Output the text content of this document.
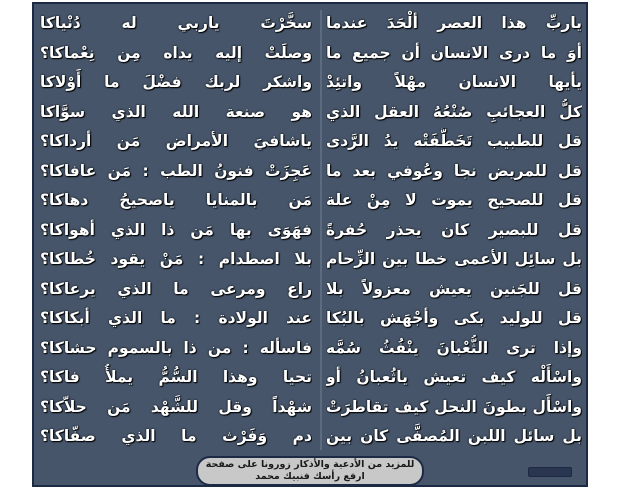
ياربِّ هذا العصر ألْحَدَ عندما
أوَ ما درى الانسان أن جميع ما
يأيها الانسان مهْلاً واتئِدْ
كلُّ العجائبِ صُنْعُهُ العقل الذي
قل للطبيب تَخَطَّفَتْه يدُ الرَّدى
قل للمريض نجا وعُوفي بعد ما
قل للصحيح يموت لا مِنْ علة
قل للبصير كان يحذر حُفرةً
بل سائِل الأعمى خطا بين الزِّحام
قل للجَنين يعيش معزولاً بلا
قل للوليد بكى وأجْهَش بالبُكا
وإذا ترى الثُّعْبانَ ينْفُثُ سُمَّه
واسْأَلْه كيف تعيش ياثُعبانُ أو
واسْأَل بطونَ النحل كيف تقاطرَتْ
بل سائل اللبن المُصفَّى كان بين
سخَّرْتَ ياربي له دُنْياكا
وصلَتْ إليه يداه مِن نِعْماكا؟
واشكر لربك فضْلَ ما أَوْلاكا
هو صنعة الله الذي سوَّاكا
ياشافيَ الأمراض مَن أرداكا؟
عَجِزَتْ فنونُ الطب : مَن عافاكا؟
مَن بالمنايا ياصحيحُ دهاكا؟
فهَوَى بها مَن ذا الذي أهواكا؟
بلا اصطدام : مَنْ يقود خُطاكا؟
راع ومرعى ما الذي يرعاكا؟
عند الولادة : ما الذي أبكاكا؟
فاسأله : من ذا بالسموم حشاكا؟
تحيا وهذا السُّمُّ يملأُ فاكا؟
شهْداً وقل للشَّهْد مَن حلاّكا؟
دم وَفَرْث ما الذي صفّاكا؟
للمزيد من الأدعية والأذكار زورونا على صفحة
ارفع رأسك فنبيك محمد
